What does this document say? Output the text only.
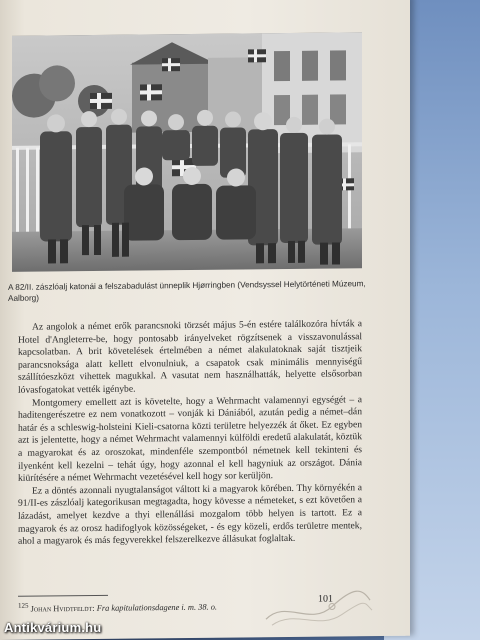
A 82/II. zászlóalj katonái a felszabadulást ünneplik Hjørringben (Vendsyssel Helytörténeti Múzeum, Aalborg)

Az angolok a német erők parancsnoki törzsét május 5-én estére találkozóra hívták a Hotel d'Angleterre-be, hogy pontosabb irányelveket rögzítsenek a visszavonulással kapcsolatban. A brit követelések értelmében a német alakulatoknak saját tisztjeik parancsnoksága alatt kellett elvonulniuk, a csapatok csak minimális mennyiségű szállítóeszközt vihettek magukkal. A vasutat nem használhatták, helyette elsősorban lóvasfogatokat vették igénybe.

Montgomery emellett azt is követelte, hogy a Wehrmacht valamennyi egységét – a haditengerészetre ez nem vonatkozott – vonják ki Dániából, azután pedig a német–dán határ és a schleswig-holsteini Kieli-csatorna közti területre helyezzék át őket. Ez egyben azt is jelentette, hogy a német Wehrmacht valamennyi külföldi eredetű alakulatát, köztük a magyarokat és az oroszokat, mindenféle szempontból németnek kell tekinteni és ilyenként kell kezelni – tehát úgy, hogy azonnal el kell hagyniuk az országot. Dánia kiürítésére a német Wehrmacht vezetésével kell hogy sor kerüljön.

Ez a döntés azonnali nyugtalanságot váltott ki a magyarok körében. Thy környékén a 91/II-es zászlóalj kategorikusan megtagadta, hogy kövesse a németeket, s ezt követően a lázadást, amelyet kezdve a thyi ellenállási mozgalom több helyen is tartott. Ez a magyarok és az orosz hadifoglyok közösségeket, - és egy közeli, erdős területre mentek, ahol a magyarok és más fegyverekkel felszerelkezve állásukat foglaltak.

$^{125}$ Johan Hvidtfeldt: Fra kapitulationsdagene i. m. 38. o.
101
Antikvárium.hu
